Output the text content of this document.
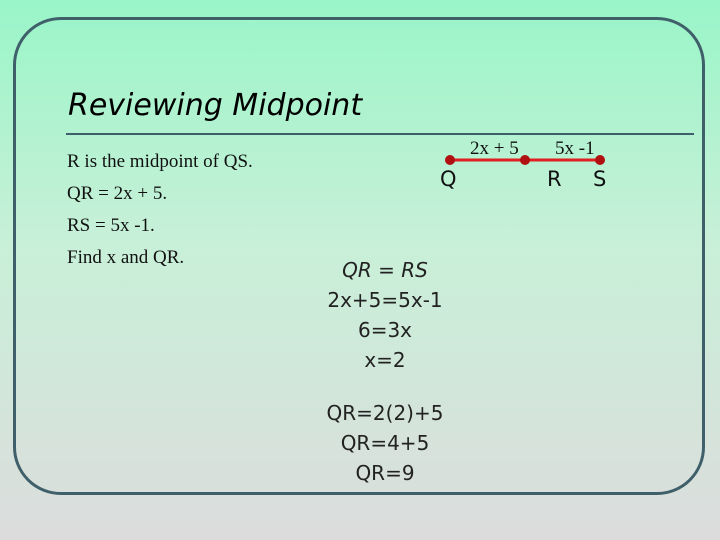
Reviewing Midpoint
R is the midpoint of QS.
QR = 2x + 5.
RS = 5x -1.
Find x and QR.
2x + 5 5x -1
Q	R S
QR = RS
2x+5=5x-1
6=3x
x=2
QR=2(2)+5
QR=4+5
QR=9
